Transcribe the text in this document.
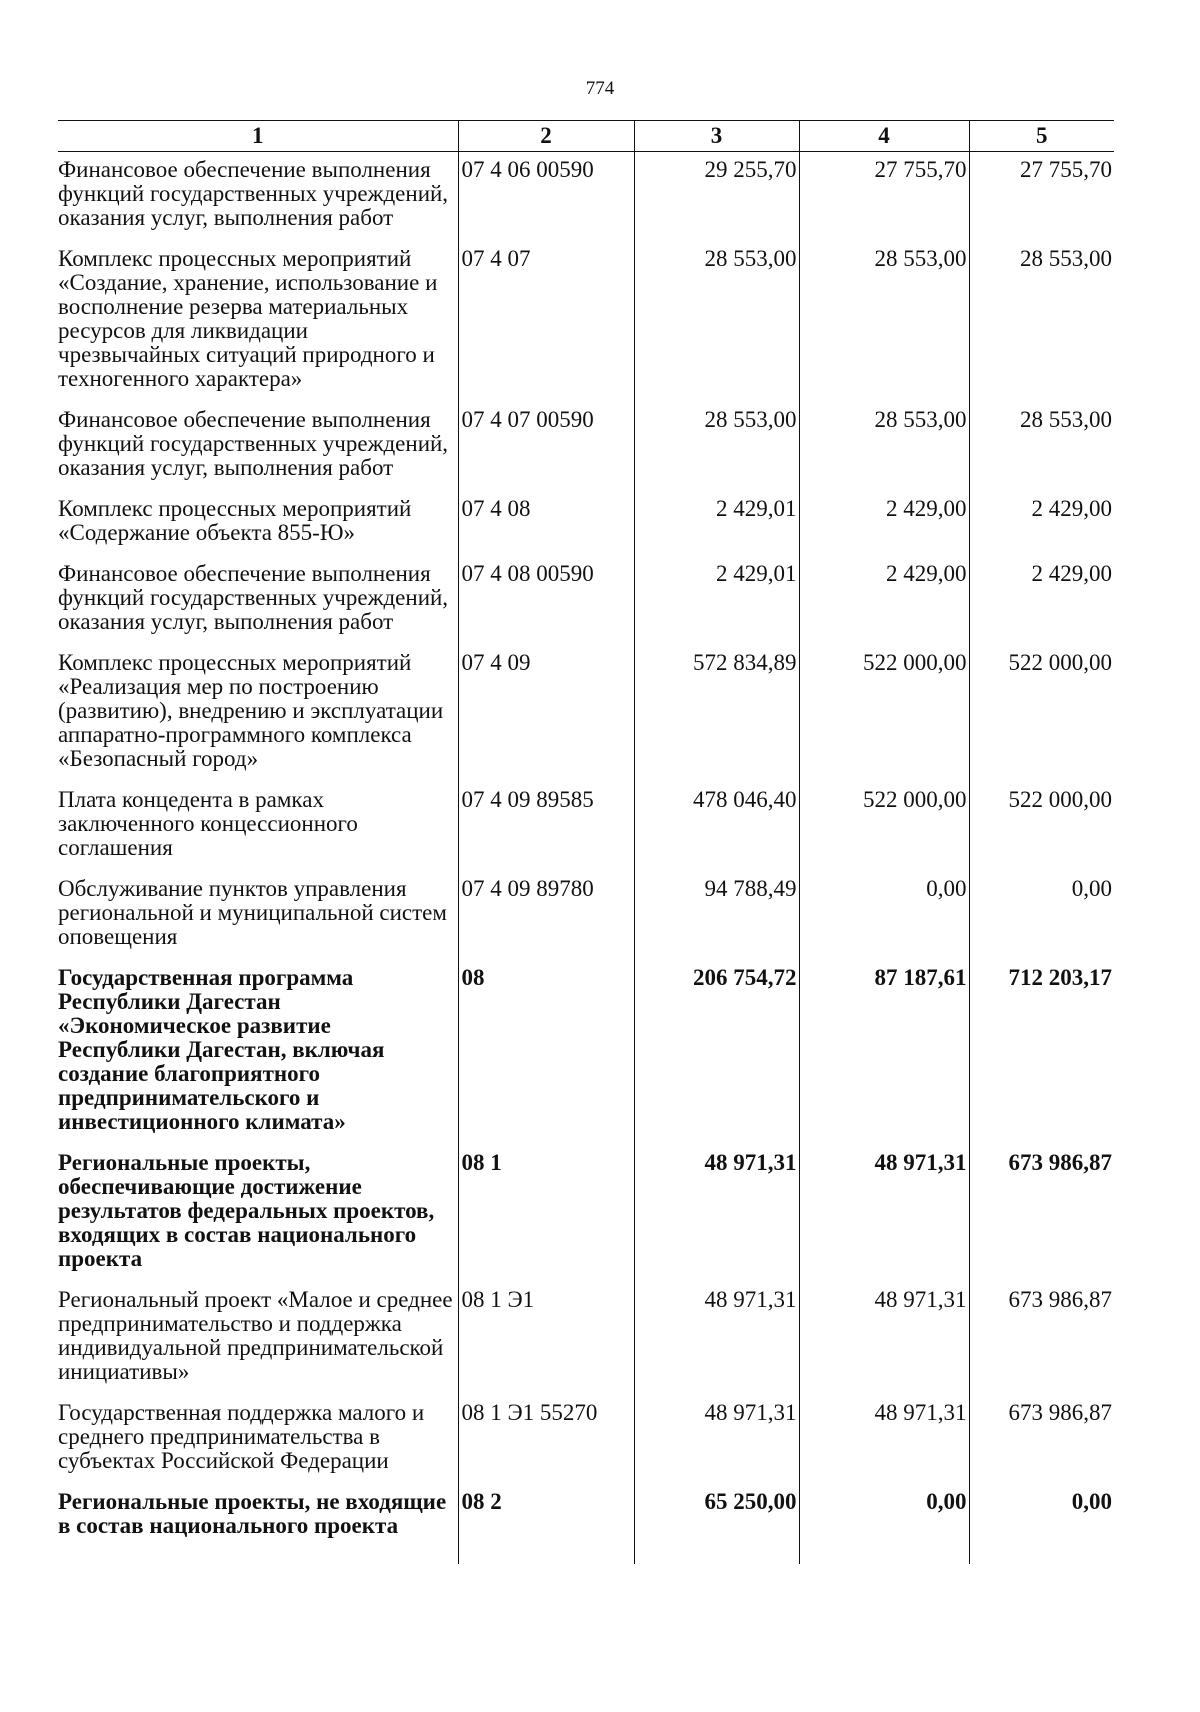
774
1	2	3	4	5
Финансовое обеспечение выполнения функций государственных учреждений, оказания услуг, выполнения работ	07 4 06 00590	29 255,70	27 755,70	27 755,70
Комплекс процессных мероприятий «Создание, хранение, использование и восполнение резерва материальных ресурсов для ликвидации чрезвычайных ситуаций природного и техногенного характера»	07 4 07	28 553,00	28 553,00	28 553,00
Финансовое обеспечение выполнения функций государственных учреждений, оказания услуг, выполнения работ	07 4 07 00590	28 553,00	28 553,00	28 553,00
Комплекс процессных мероприятий «Содержание объекта 855-Ю»	07 4 08	2 429,01	2 429,00	2 429,00
Финансовое обеспечение выполнения функций государственных учреждений, оказания услуг, выполнения работ	07 4 08 00590	2 429,01	2 429,00	2 429,00
Комплекс процессных мероприятий «Реализация мер по построению (развитию), внедрению и эксплуатации аппаратно-программного комплекса «Безопасный город»	07 4 09	572 834,89	522 000,00	522 000,00
Плата концедента в рамках заключенного концессионного соглашения	07 4 09 89585	478 046,40	522 000,00	522 000,00
Обслуживание пунктов управления региональной и муниципальной систем оповещения	07 4 09 89780	94 788,49	0,00	0,00
Государственная программа Республики Дагестан «Экономическое развитие Республики Дагестан, включая создание благоприятного предпринимательского и инвестиционного климата»	08	206 754,72	87 187,61	712 203,17
Региональные проекты, обеспечивающие достижение результатов федеральных проектов, входящих в состав национального проекта	08 1	48 971,31	48 971,31	673 986,87
Региональный проект «Малое и среднее предпринимательство и поддержка индивидуальной предпринимательской инициативы»	08 1 Э1	48 971,31	48 971,31	673 986,87
Государственная поддержка малого и среднего предпринимательства в субъектах Российской Федерации	08 1 Э1 55270	48 971,31	48 971,31	673 986,87
Региональные проекты, не входящие в состав национального проекта	08 2	65 250,00	0,00	0,00
